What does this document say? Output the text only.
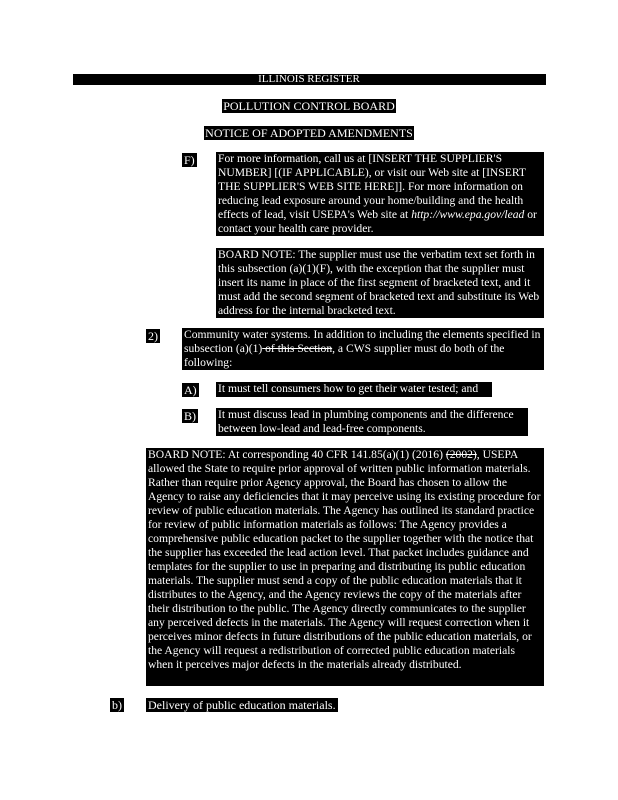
ILLINOIS REGISTER
POLLUTION CONTROL BOARD
NOTICE OF ADOPTED AMENDMENTS
F) For more information, call us at [INSERT THE SUPPLIER'S NUMBER] [(IF APPLICABLE), or visit our Web site at [INSERT THE SUPPLIER'S WEB SITE HERE]]. For more information on reducing lead exposure around your home/building and the health effects of lead, visit USEPA's Web site at http://www.epa.gov/lead or contact your health care provider.

BOARD NOTE: The supplier must use the verbatim text set forth in this subsection (a)(1)(F), with the exception that the supplier must insert its name in place of the first segment of bracketed text, and it must add the second segment of bracketed text and substitute its Web address for the internal bracketed text.

2) Community water systems. In addition to including the elements specified in subsection (a)(1) of this Section, a CWS supplier must do both of the following:

A) It must tell consumers how to get their water tested; and

B) It must discuss lead in plumbing components and the difference between low-lead and lead-free components.

BOARD NOTE: At corresponding 40 CFR 141.85(a)(1) (2016) (2002), USEPA allowed the State to require prior approval of written public information materials. Rather than require prior Agency approval, the Board has chosen to allow the Agency to raise any deficiencies that it may perceive using its existing procedure for review of public education materials. The Agency has outlined its standard practice for review of public information materials as follows: The Agency provides a comprehensive public education packet to the supplier together with the notice that the supplier has exceeded the lead action level. That packet includes guidance and templates for the supplier to use in preparing and distributing its public education materials. The supplier must send a copy of the public education materials that it distributes to the Agency, and the Agency reviews the copy of the materials after their distribution to the public. The Agency directly communicates to the supplier any perceived defects in the materials. The Agency will request correction when it perceives minor defects in future distributions of the public education materials, or the Agency will request a redistribution of corrected public education materials when it perceives major defects in the materials already distributed.

b) Delivery of public education materials.
